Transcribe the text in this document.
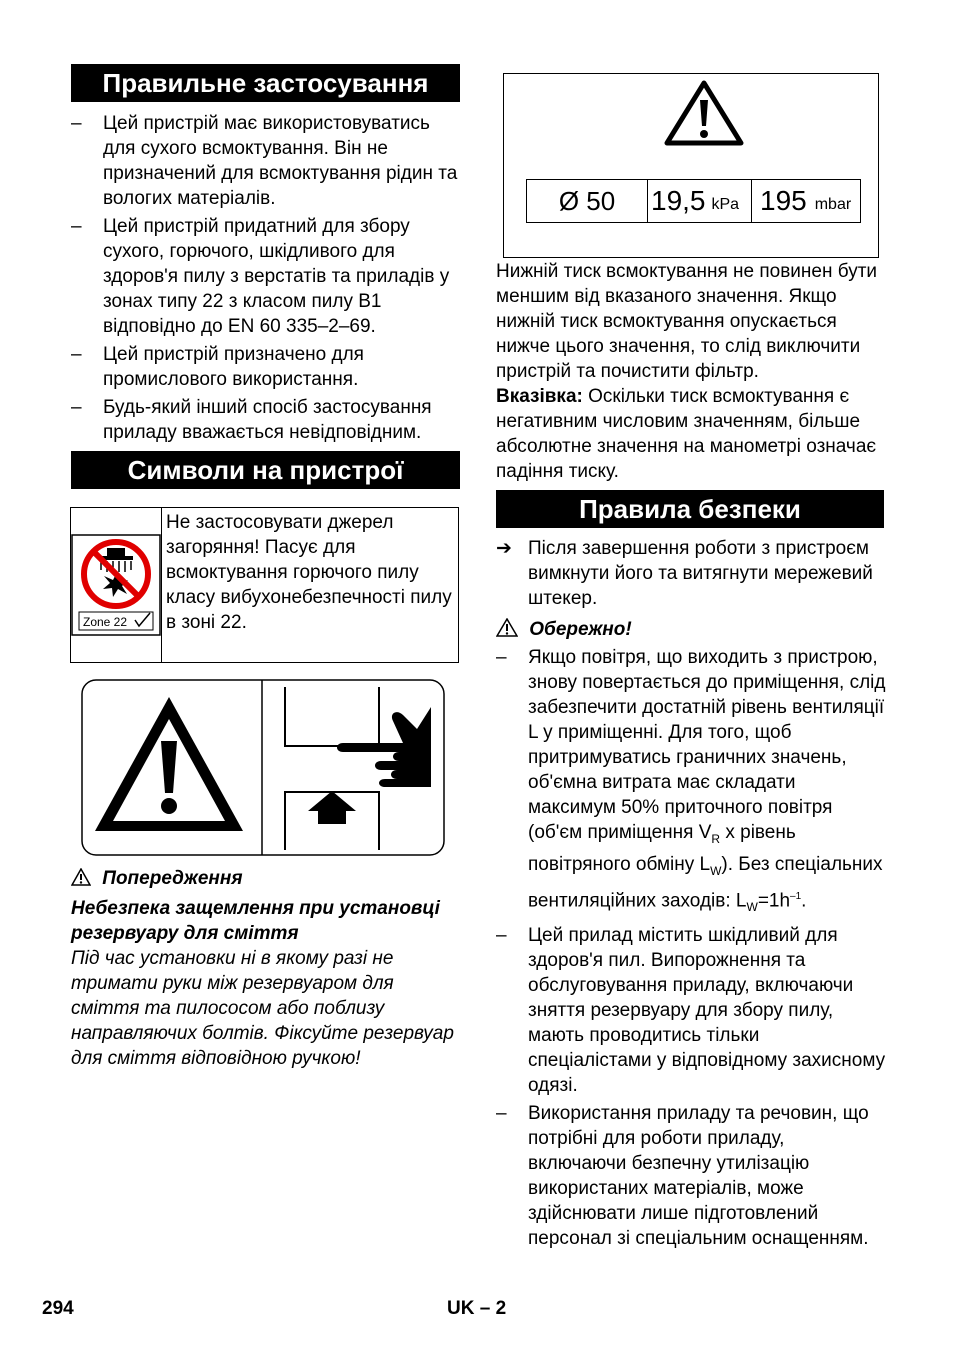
Правильне застосування
– Цей пристрій має використовуватись для сухого всмоктування. Він не призначений для всмоктування рідин та вологих матеріалів.
– Цей пристрій придатний для збору сухого, горючого, шкідливого для здоров'я пилу з верстатів та приладів у зонах типу 22 з класом пилу В1 відповідно до EN 60 335–2–69.
– Цей пристрій призначено для промислового використання.
– Будь-який інший спосіб застосування приладу вважається невідповідним.
Символи на пристрої
Zone 22
Не застосовувати джерел загоряння! Пасує для всмоктування горючого пилу класу вибухонебезпечності пилу в зоні 22.
Попередження
Небезпека защемлення при установці резервуару для сміття
Під час установки ні в якому разі не тримати руки між резервуаром для сміття та пилососом або поблизу направляючих болтів. Фіксуйте резервуар для сміття відповідною ручкою!
Ø 50	19,5 kPa 195 mbar
Нижній тиск всмоктування не повинен бути меншим від вказаного значення. Якщо нижній тиск всмоктування опускається нижче цього значення, то слід виключити пристрій та почистити фільтр.
Вказівка: Оскільки тиск всмоктування є негативним числовим значенням, більше абсолютне значення на манометрі означає падіння тиску.
Правила безпеки
➔ Після завершення роботи з пристроєм вимкнути його та витягнути мережевий штекер.
Обережно!
– Якщо повітря, що виходить з пристрою, знову повертається до приміщення, слід забезпечити достатній рівень вентиляції L у приміщенні. Для того, щоб притримуватись граничних значень, об'ємна витрата має складати максимум 50% приточного повітря (об'єм приміщення $V_R$ x рівень повітряного обміну $L_W$). Без спеціальних вентиляційних заходів: $L_W=1h^{-1}$.
– Цей прилад містить шкідливий для здоров'я пил. Випорожнення та обслуговування приладу, включаючи зняття резервуару для збору пилу, мають проводитись тільки спеціалістами у відповідному захисному одязі.
– Використання приладу та речовин, що потрібні для роботи приладу, включаючи безпечну утилізацію використаних матеріалів, може здійснювати лише підготовлений персонал зі спеціальним оснащенням.
294	UK – 2
